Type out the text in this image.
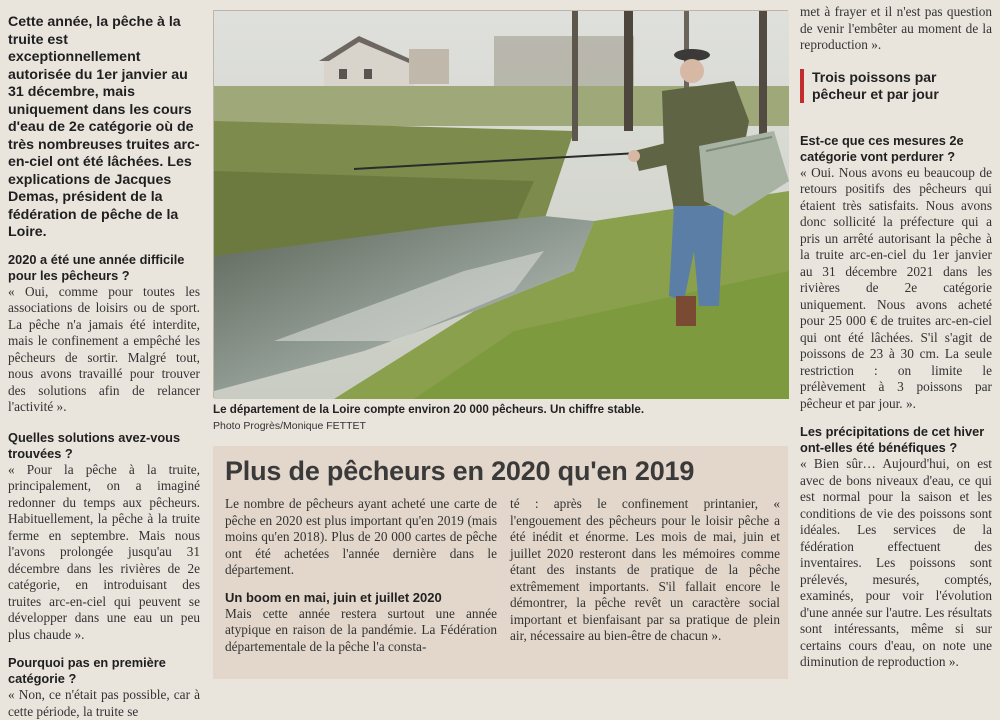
Cette année, la pêche à la truite est exceptionnellement autorisée du 1er janvier au 31 décembre, mais uniquement dans les cours d'eau de 2e catégorie où de très nombreuses truites arc-en-ciel ont été lâchées. Les explications de Jacques Demas, président de la fédération de pêche de la Loire.

2020 a été une année difficile pour les pêcheurs ?

« Oui, comme pour toutes les associations de loisirs ou de sport. La pêche n'a jamais été interdite, mais le confinement a empêché les pêcheurs de sortir. Malgré tout, nous avons travaillé pour trouver des solutions afin de relancer l'activité ».

Quelles solutions avez-vous trouvées ?

« Pour la pêche à la truite, principalement, on a imaginé redonner du temps aux pêcheurs. Habituellement, la pêche à la truite ferme en septembre. Mais nous l'avons prolongée jusqu'au 31 décembre dans les rivières de 2e catégorie, en introduisant des truites arc-en-ciel qui peuvent se développer dans une eau un peu plus chaude ».

Pourquoi pas en première catégorie ?

« Non, ce n'était pas possible, car à cette période, la truite se

Le département de la Loire compte environ 20 000 pêcheurs. Un chiffre stable.
Photo Progrès/Monique FETTET
Plus de pêcheurs en 2020 qu'en 2019

Le nombre de pêcheurs ayant acheté une carte de pêche en 2020 est plus important qu'en 2019 (mais moins qu'en 2018). Plus de 20 000 cartes de pêche ont été achetées l'année dernière dans le département.

Un boom en mai, juin et juillet 2020

Mais cette année restera surtout une année atypique en raison de la pandémie. La Fédération départementale de la pêche l'a consta-

té : après le confinement printanier, « l'engouement des pêcheurs pour le loisir pêche a été inédit et énorme. Les mois de mai, juin et juillet 2020 resteront dans les mémoires comme étant des instants de pratique de la pêche extrêmement importants. S'il fallait encore le démontrer, la pêche revêt un caractère social important et bienfaisant par sa pratique de plein air, nécessaire au bien-être de chacun ».

met à frayer et il n'est pas question de venir l'embêter au moment de la reproduction ».

Trois poissons par pêcheur et par jour

Est-ce que ces mesures 2e catégorie vont perdurer ?

« Oui. Nous avons eu beaucoup de retours positifs des pêcheurs qui étaient très satisfaits. Nous avons donc sollicité la préfecture qui a pris un arrêté autorisant la pêche à la truite arc-en-ciel du 1er janvier au 31 décembre 2021 dans les rivières de 2e catégorie uniquement. Nous avons acheté pour 25 000 € de truites arc-en-ciel qui ont été lâchées. S'il s'agit de poissons de 23 à 30 cm. La seule restriction : on limite le prélèvement à 3 poissons par pêcheur et par jour. ».

Les précipitations de cet hiver ont-elles été bénéfiques ?

« Bien sûr… Aujourd'hui, on est avec de bons niveaux d'eau, ce qui est normal pour la saison et les conditions de vie des poissons sont idéales. Les services de la fédération effectuent des inventaires. Les poissons sont prélevés, mesurés, comptés, examinés, pour voir l'évolution d'une année sur l'autre. Les résultats sont intéressants, même si sur certains cours d'eau, on note une diminution de reproduction ».
